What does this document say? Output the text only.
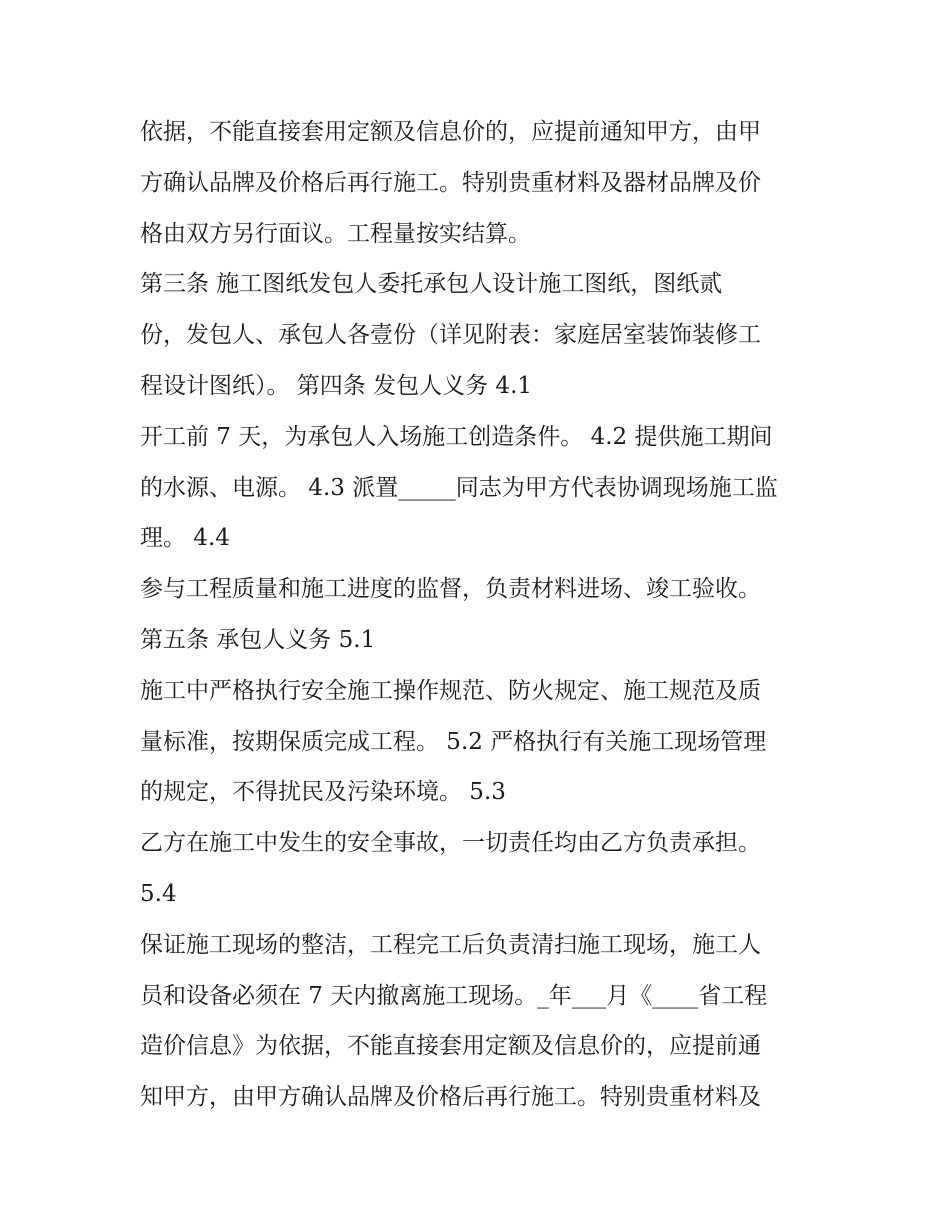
依据，不能直接套用定额及信息价的，应提前通知甲方，由甲
方确认品牌及价格后再行施工。特别贵重材料及器材品牌及价
格由双方另行面议。工程量按实结算。
第三条 施工图纸发包人委托承包人设计施工图纸，图纸贰
份，发包人、承包人各壹份（详见附表：家庭居室装饰装修工
程设计图纸）。 第四条 发包人义务 4.1
开工前 7 天，为承包人入场施工创造条件。 4.2 提供施工期间
的水源、电源。 4.3 派置_____同志为甲方代表协调现场施工监
理。 4.4
参与工程质量和施工进度的监督，负责材料进场、竣工验收。
第五条 承包人义务 5.1
施工中严格执行安全施工操作规范、防火规定、施工规范及质
量标准，按期保质完成工程。 5.2 严格执行有关施工现场管理
的规定，不得扰民及污染环境。 5.3
乙方在施工中发生的安全事故，一切责任均由乙方负责承担。
5.4
保证施工现场的整洁，工程完工后负责清扫施工现场，施工人
员和设备必须在 7 天内撤离施工现场。_年___月《____省工程
造价信息》为依据，不能直接套用定额及信息价的，应提前通
知甲方，由甲方确认品牌及价格后再行施工。特别贵重材料及
